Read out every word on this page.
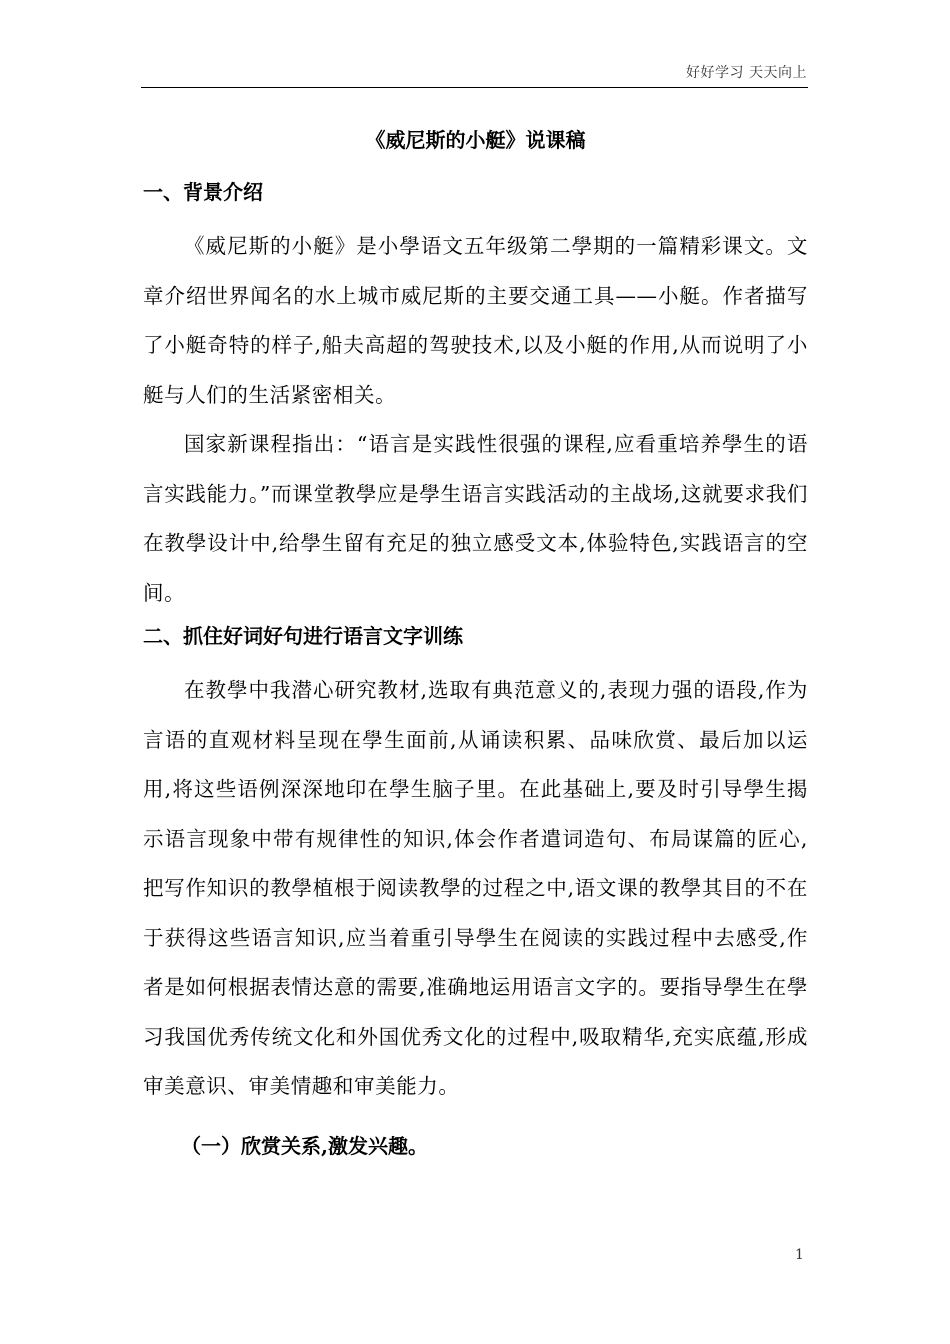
好好学习 天天向上
《威尼斯的小艇》说课稿
一、背景介绍

《威尼斯的小艇》是小學语文五年级第二學期的一篇精彩课文。文章介绍世界闻名的水上城市威尼斯的主要交通工具——小艇。作者描写了小艇奇特的样子,船夫高超的驾驶技术,以及小艇的作用,从而说明了小艇与人们的生活紧密相关。

国家新课程指出：“语言是实践性很强的课程,应看重培养學生的语言实践能力。”而课堂教學应是學生语言实践活动的主战场,这就要求我们在教學设计中,给學生留有充足的独立感受文本,体验特色,实践语言的空间。

二、抓住好词好句进行语言文字训练

在教學中我潜心研究教材,选取有典范意义的,表现力强的语段,作为言语的直观材料呈现在學生面前,从诵读积累、品味欣赏、最后加以运用,将这些语例深深地印在學生脑子里。在此基础上,要及时引导學生揭示语言现象中带有规律性的知识,体会作者遣词造句、布局谋篇的匠心,把写作知识的教學植根于阅读教學的过程之中,语文课的教學其目的不在于获得这些语言知识,应当着重引导學生在阅读的实践过程中去感受,作者是如何根据表情达意的需要,准确地运用语言文字的。要指导學生在學习我国优秀传统文化和外国优秀文化的过程中,吸取精华,充实底蕴,形成审美意识、审美情趣和审美能力。

（一）欣赏关系,激发兴趣。
1
